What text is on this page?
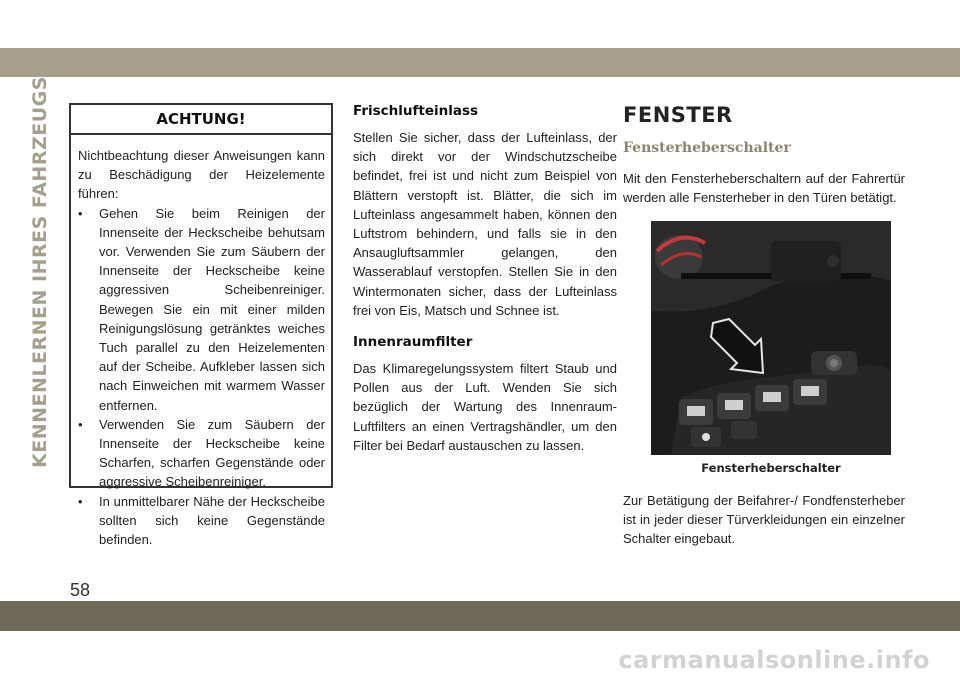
KENNENLERNEN IHRES FAHRZEUGS	ACHTUNG!

Nichtbeachtung dieser Anweisungen kann zu Beschädigung der Heizelemente führen:

• Gehen Sie beim Reinigen der Innenseite der Heckscheibe behutsam vor. Verwenden Sie zum Säubern der Innenseite der Heckscheibe keine aggressiven Scheibenreiniger. Bewegen Sie ein mit einer milden Reinigungslösung getränktes weiches Tuch parallel zu den Heizelementen auf der Scheibe. Aufkleber lassen sich nach Einweichen mit warmem Wasser entfernen.
• Verwenden Sie zum Säubern der Innenseite der Heckscheibe keine Scharfen, scharfen Gegenstände oder aggressive Scheibenreiniger.
• In unmittelbarer Nähe der Heckscheibe sollten sich keine Gegenstände befinden.
Frischlufteinlass

Stellen Sie sicher, dass der Lufteinlass, der sich direkt vor der Windschutzscheibe befindet, frei ist und nicht zum Beispiel von Blättern verstopft ist. Blätter, die sich im Lufteinlass angesammelt haben, können den Luftstrom behindern, und falls sie in den Ansaugluftsammler gelangen, den Wasserablauf verstopfen. Stellen Sie in den Wintermonaten sicher, dass der Lufteinlass frei von Eis, Matsch und Schnee ist.

Innenraumfilter

Das Klimaregelungssystem filtert Staub und Pollen aus der Luft. Wenden Sie sich bezüglich der Wartung des Innenraum-Luftfilters an einen Vertragshändler, um den Filter bei Bedarf austauschen zu lassen.

FENSTER
Fensterheberschalter

Mit den Fensterheberschaltern auf der Fahrertür werden alle Fensterheber in den Türen betätigt.

Fensterheberschalter

Zur Betätigung der Beifahrer-/ Fondfensterheber ist in jeder dieser Türverkleidungen ein einzelner Schalter eingebaut.

58
carmanualsonline.info
